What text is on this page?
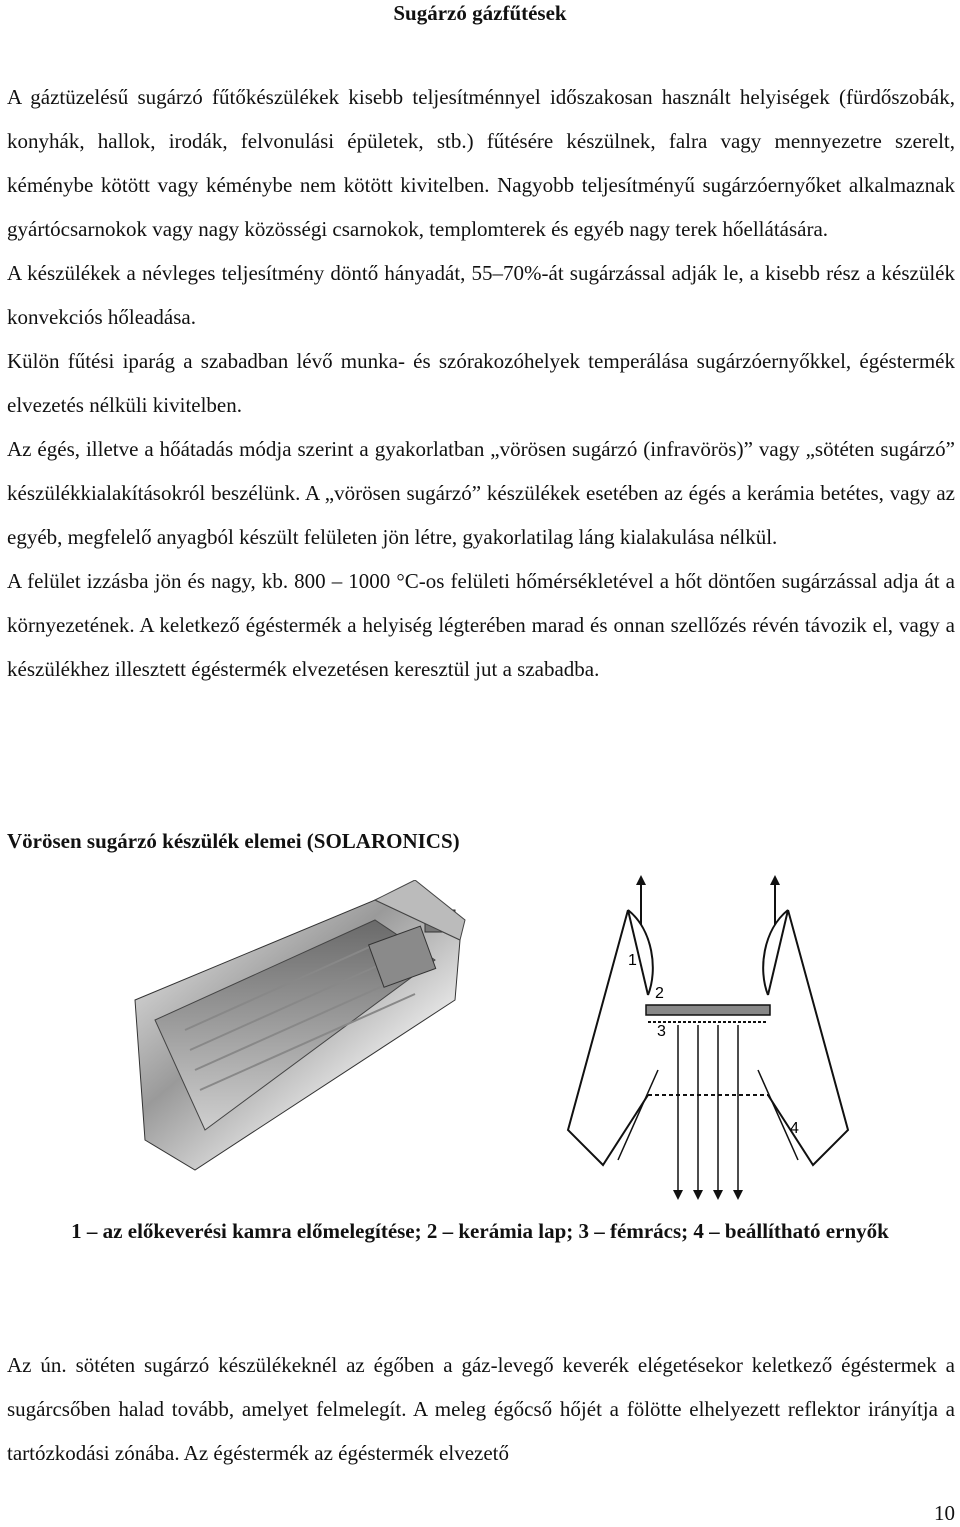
Sugárzó gázfűtések

A gáztüzelésű sugárzó fűtőkészülékek kisebb teljesítménnyel időszakosan használt helyiségek (fürdőszobák, konyhák, hallok, irodák, felvonulási épületek, stb.) fűtésére készülnek, falra vagy mennyezetre szerelt, kéménybe kötött vagy kéménybe nem kötött kivitelben. Nagyobb teljesítményű sugárzóernyőket alkalmaznak gyártócsarnokok vagy nagy közösségi csarnokok, templomterek és egyéb nagy terek hőellátására.

A készülékek a névleges teljesítmény döntő hányadát, 55–70%-át sugárzással adják le, a kisebb rész a készülék konvekciós hőleadása.

Külön fűtési iparág a szabadban lévő munka- és szórakozóhelyek temperálása sugárzóernyőkkel, égéstermék elvezetés nélküli kivitelben.

Az égés, illetve a hőátadás módja szerint a gyakorlatban „vörösen sugárzó (infravörös)” vagy „sötéten sugárzó” készülékkialakításokról beszélünk. A „vörösen sugárzó” készülékek esetében az égés a kerámia betétes, vagy az egyéb, megfelelő anyagból készült felületen jön létre, gyakorlatilag láng kialakulása nélkül.

A felület izzásba jön és nagy, kb. 800 – 1000 °C-os felületi hőmérsékletével a hőt döntően sugárzással adja át a környezetének. A keletkező égéstermék a helyiség légterében marad és onnan szellőzés révén távozik el, vagy a készülékhez illesztett égéstermék elvezetésen keresztül jut a szabadba.

Vörösen sugárzó készülék elemei (SOLARONICS)
1
2
3
4
1 – az előkeverési kamra előmelegítése; 2 – kerámia lap; 3 – fémrács; 4 – beállítható ernyők
Az ún. sötéten sugárzó készülékeknél az égőben a gáz-levegő keverék elégetésekor keletkező égéstermek a sugárcsőben halad tovább, amelyet felmelegít. A meleg égőcső hőjét a fölötte elhelyezett reflektor irányítja a tartózkodási zónába. Az égéstermék az égéstermék elvezető
10
